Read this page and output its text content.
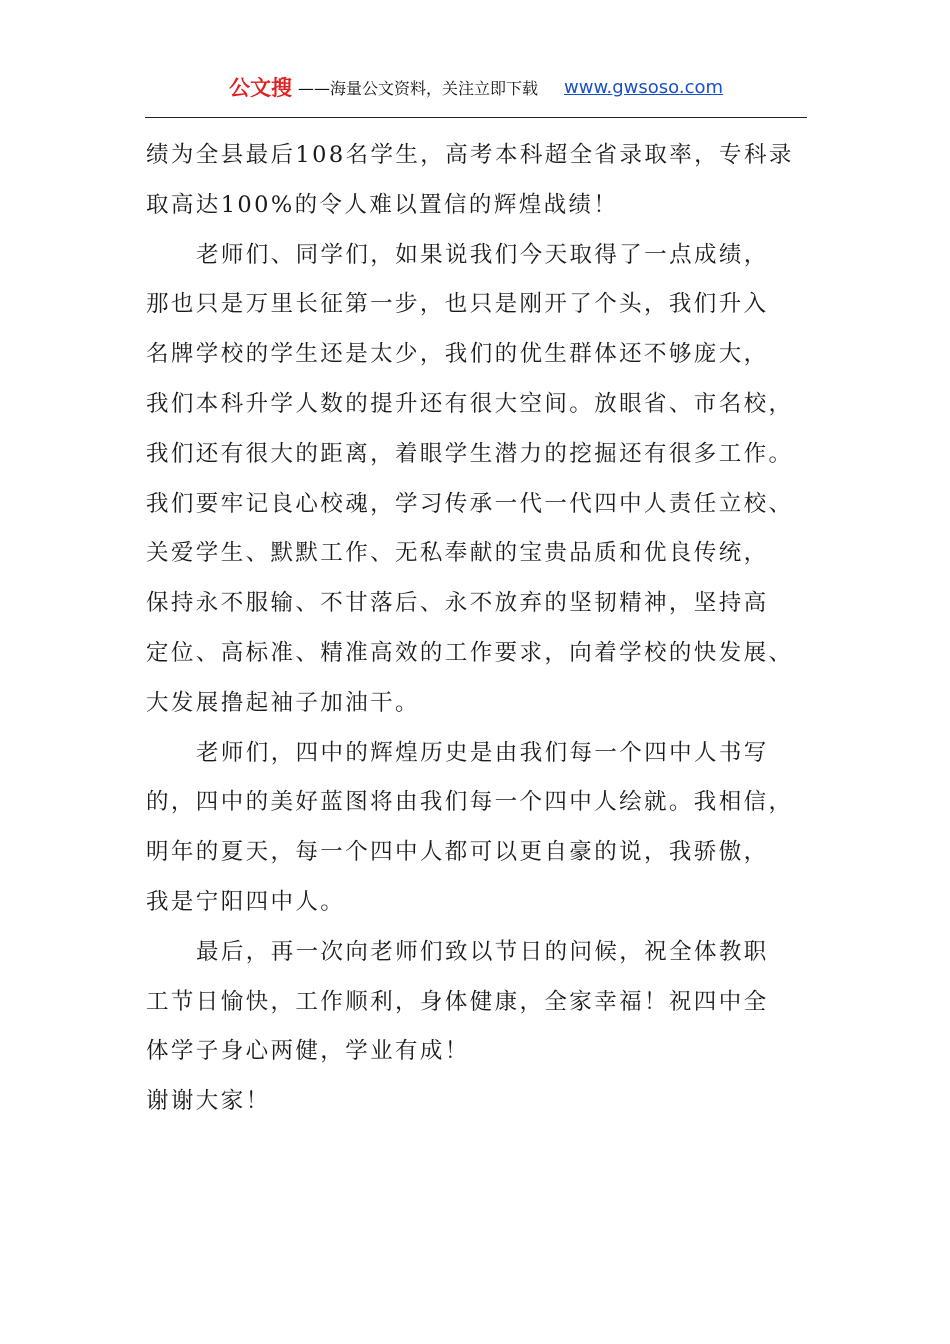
公文搜 ——海量公文资料，关注立即下载 www.gwsoso.com
绩为全县最后108名学生，高考本科超全省录取率，专科录
取高达100%的令人难以置信的辉煌战绩！
老师们、同学们，如果说我们今天取得了一点成绩，
那也只是万里长征第一步，也只是刚开了个头，我们升入
名牌学校的学生还是太少，我们的优生群体还不够庞大，
我们本科升学人数的提升还有很大空间。放眼省、市名校，
我们还有很大的距离，着眼学生潜力的挖掘还有很多工作。
我们要牢记良心校魂，学习传承一代一代四中人责任立校、
关爱学生、默默工作、无私奉献的宝贵品质和优良传统，
保持永不服输、不甘落后、永不放弃的坚韧精神，坚持高
定位、高标准、精准高效的工作要求，向着学校的快发展、
大发展撸起袖子加油干。
老师们，四中的辉煌历史是由我们每一个四中人书写
的，四中的美好蓝图将由我们每一个四中人绘就。我相信，
明年的夏天，每一个四中人都可以更自豪的说，我骄傲，
我是宁阳四中人。
最后，再一次向老师们致以节日的问候，祝全体教职
工节日愉快，工作顺利，身体健康，全家幸福！祝四中全
体学子身心两健，学业有成！
谢谢大家！
